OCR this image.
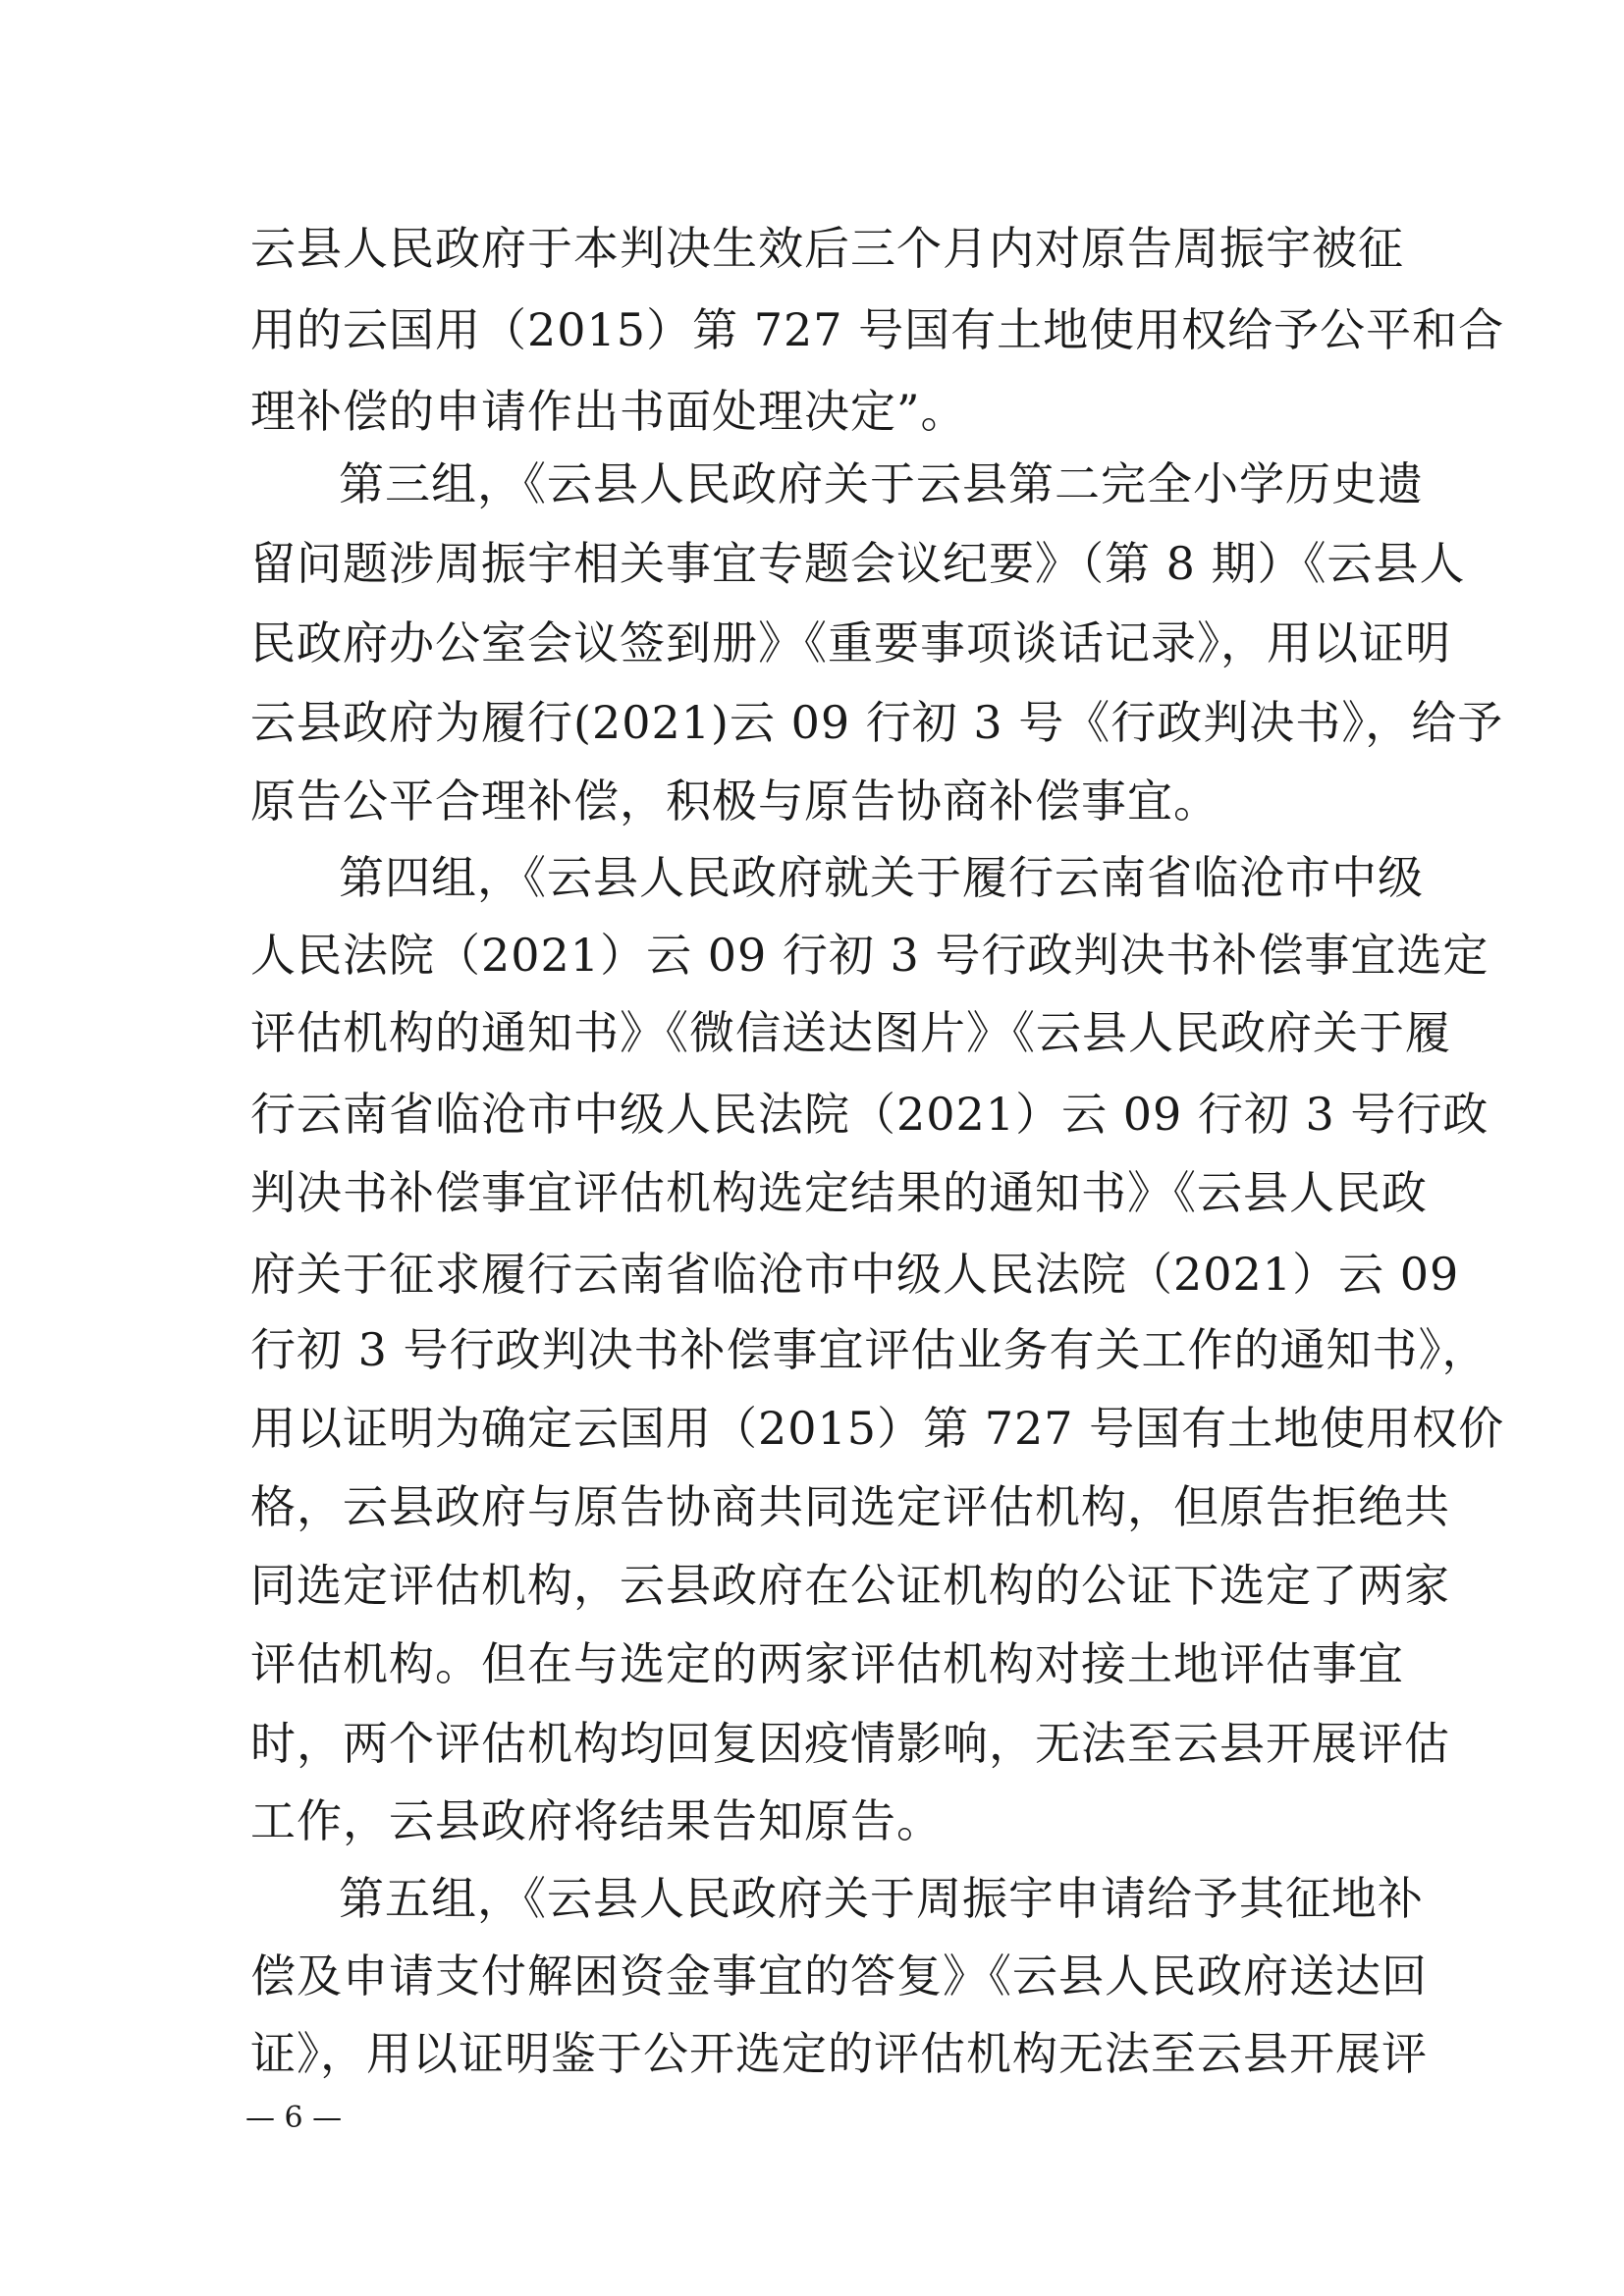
云县人民政府于本判决生效后三个月内对原告周振宇被征
用的云国用（2015）第 727 号国有土地使用权给予公平和合
理补偿的申请作出书面处理决定”。
第三组，《云县人民政府关于云县第二完全小学历史遗
留问题涉周振宇相关事宜专题会议纪要》（第 8 期）《云县人
民政府办公室会议签到册》《重要事项谈话记录》，用以证明
云县政府为履行(2021)云 09 行初 3 号《行政判决书》，给予
原告公平合理补偿，积极与原告协商补偿事宜。
第四组，《云县人民政府就关于履行云南省临沧市中级
人民法院（2021）云 09 行初 3 号行政判决书补偿事宜选定
评估机构的通知书》《微信送达图片》《云县人民政府关于履
行云南省临沧市中级人民法院（2021）云 09 行初 3 号行政
判决书补偿事宜评估机构选定结果的通知书》《云县人民政
府关于征求履行云南省临沧市中级人民法院（2021）云 09
行初 3 号行政判决书补偿事宜评估业务有关工作的通知书》，
用以证明为确定云国用（2015）第 727 号国有土地使用权价
格，云县政府与原告协商共同选定评估机构，但原告拒绝共
同选定评估机构，云县政府在公证机构的公证下选定了两家
评估机构。但在与选定的两家评估机构对接土地评估事宜
时，两个评估机构均回复因疫情影响，无法至云县开展评估
工作，云县政府将结果告知原告。
第五组，《云县人民政府关于周振宇申请给予其征地补
偿及申请支付解困资金事宜的答复》《云县人民政府送达回
证》，用以证明鉴于公开选定的评估机构无法至云县开展评
— 6 —
